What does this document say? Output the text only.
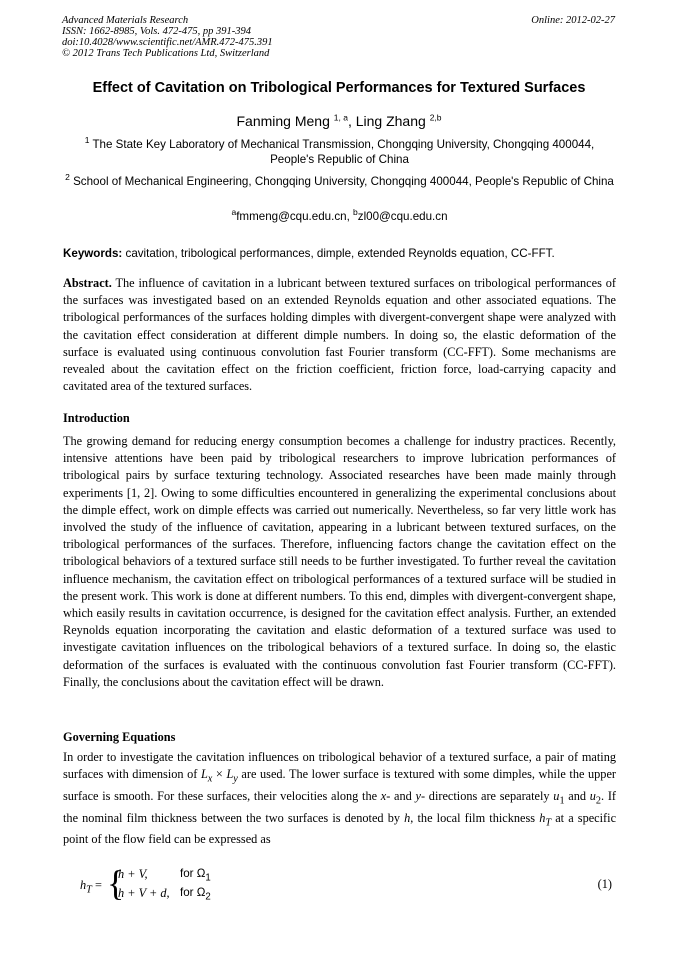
Advanced Materials Research
ISSN: 1662-8985, Vols. 472-475, pp 391-394
doi:10.4028/www.scientific.net/AMR.472-475.391
© 2012 Trans Tech Publications Ltd, Switzerland
Online: 2012-02-27
Effect of Cavitation on Tribological Performances for Textured Surfaces
Fanming Meng $^{1, a}$, Ling Zhang $^{2,b}$
$^1$ The State Key Laboratory of Mechanical Transmission, Chongqing University, Chongqing 400044, People's Republic of China
$^2$ School of Mechanical Engineering, Chongqing University, Chongqing 400044, People's Republic of China
$^a$fmmeng@cqu.edu.cn, $^b$zl00@cqu.edu.cn
Keywords: cavitation, tribological performances, dimple, extended Reynolds equation, CC-FFT.
Abstract. The influence of cavitation in a lubricant between textured surfaces on tribological performances of the surfaces was investigated based on an extended Reynolds equation and other associated equations. The tribological performances of the surfaces holding dimples with divergent-convergent shape were analyzed with the cavitation effect consideration at different dimple numbers. In doing so, the elastic deformation of the surface is evaluated using continuous convolution fast Fourier transform (CC-FFT). Some mechanisms are revealed about the cavitation effect on the friction coefficient, friction force, load-carrying capacity and cavitated area of the textured surfaces.
Introduction
The growing demand for reducing energy consumption becomes a challenge for industry practices. Recently, intensive attentions have been paid by tribological researchers to improve lubrication performances of tribological pairs by surface texturing technology. Associated researches have been made mainly through experiments [1, 2]. Owing to some difficulties encountered in generalizing the experimental conclusions about the dimple effect, work on dimple effects was carried out numerically. Nevertheless, so far very little work has involved the study of the influence of cavitation, appearing in a lubricant between textured surfaces, on the tribological performances of the surfaces. Therefore, influencing factors change the cavitation effect on the tribological behaviors of a textured surface still needs to be further investigated. To further reveal the cavitation influence mechanism, the cavitation effect on tribological performances of a textured surface will be studied in the present work. This work is done at different numbers. To this end, dimples with divergent-convergent shape, which easily results in cavitation occurrence, is designed for the cavitation effect analysis. Further, an extended Reynolds equation incorporating the cavitation and elastic deformation of a textured surface was used to investigate cavitation influences on the tribological behaviors of a textured surface. In doing so, the elastic deformation of the surfaces is evaluated with the continuous convolution fast Fourier transform (CC-FFT). Finally, the conclusions about the cavitation effect will be drawn.
Governing Equations
In order to investigate the cavitation influences on tribological behavior of a textured surface, a pair of mating surfaces with dimension of $L_x \times L_y$ are used. The lower surface is textured with some dimples, while the upper surface is smooth. For these surfaces, their velocities along the x- and y- directions are separately $u_1$ and $u_2$. If the nominal film thickness between the two surfaces is denoted by h, the local film thickness $h_T$ at a specific point of the flow field can be expressed as
$h_T$ = {
h + V,
h + V + d,
for $\Omega_1$
for $\Omega_2$
(1)
